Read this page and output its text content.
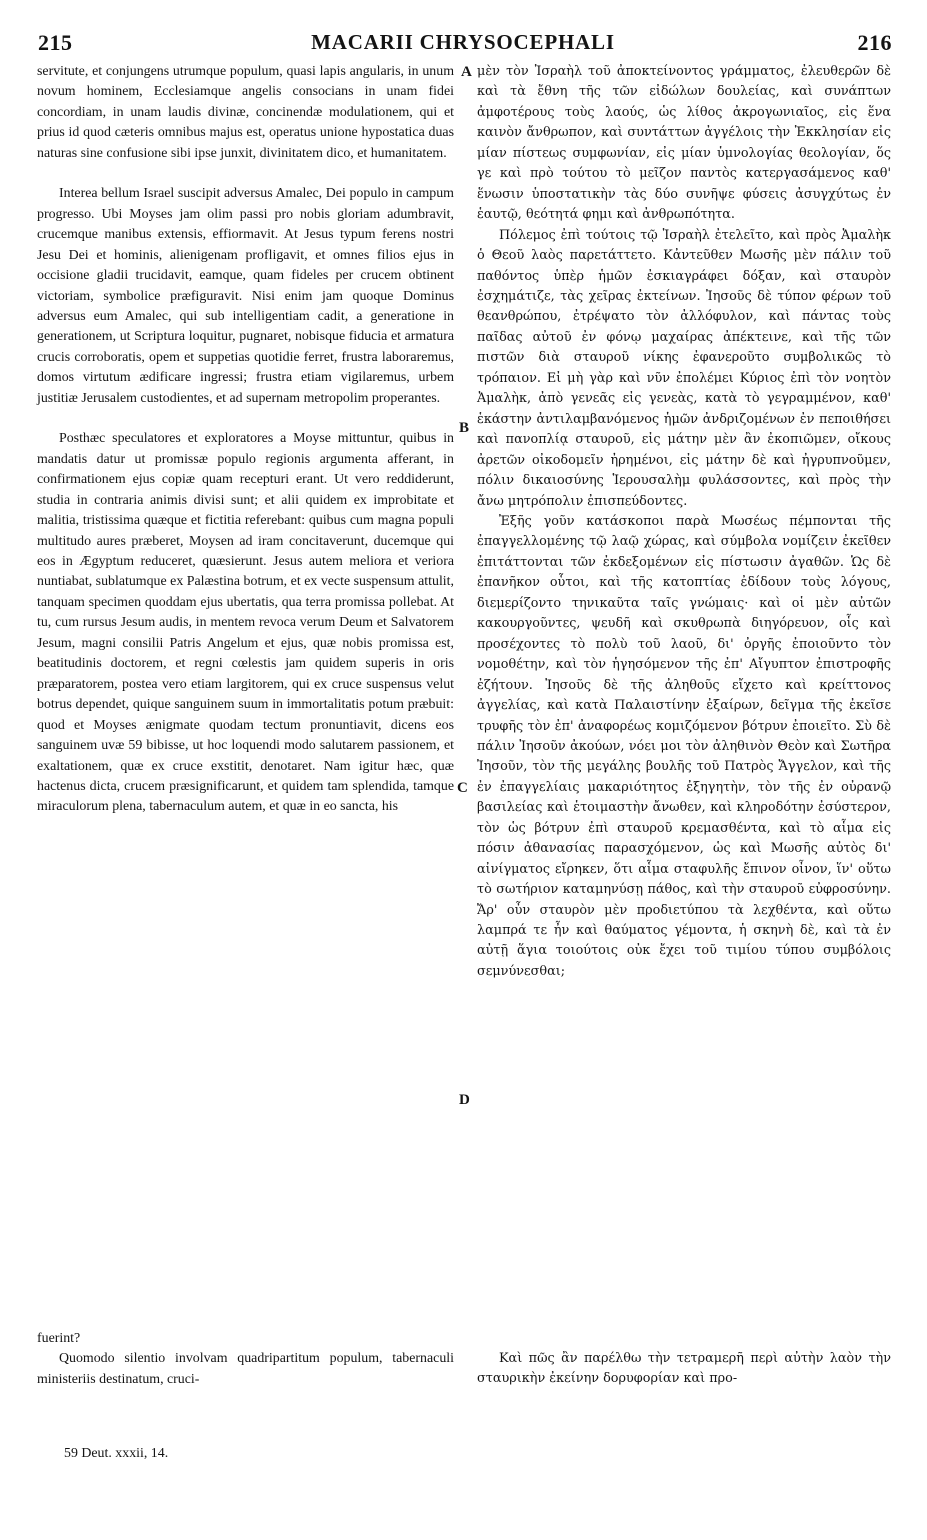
215	MACARII CHRYSOCEPHALI	216

servitute, et conjungens utrumque populum, quasi lapis angularis, in unum novum hominem, Ecclesiamque angelis consocians in unam fidei concordiam, in unam laudis divinæ, concinendæ modulationem, qui et prius id quod cæteris omnibus majus est, operatus unione hypostatica duas naturas sine confusione sibi ipse junxit, divinitatem dico, et humanitatem.

Interea bellum Israel suscipit adversus Amalec, Dei populo in campum progresso. Ubi Moyses jam olim passi pro nobis gloriam adumbravit, crucemque manibus extensis, effiormavit. At Jesus typum ferens nostri Jesu Dei et hominis, alienigenam profligavit, et omnes filios ejus in occisione gladii trucidavit, eamque, quam fideles per crucem obtinent victoriam, symbolice præfiguravit. Nisi enim jam quoque Dominus adversus eum Amalec, qui sub intelligentiam cadit, a generatione in generationem, ut Scriptura loquitur, pugnaret, nobisque fiducia et armatura crucis corroboratis, opem et suppetias quotidie ferret, frustra laboraremus, domos virtutum ædificare ingressi; frustra etiam vigilaremus, urbem justitiæ Jerusalem custodientes, et ad supernam metropolim properantes.

Posthæc speculatores et exploratores a Moyse mittuntur, quibus in mandatis datur ut promissæ populo regionis argumenta afferant, in confirmationem ejus copiæ quam recepturi erant. Ut vero reddiderunt, studia in contraria animis divisi sunt; et alii quidem ex improbitate et malitia, tristissima quæque et fictitia referebant: quibus cum magna populi multitudo aures præberet, Moysen ad iram concitaverunt, ducemque qui eos in Ægyptum reduceret, quæsierunt. Jesus autem meliora et veriora nuntiabat, sublatumque ex Palæstina botrum, et ex vecte suspensum attulit, tanquam specimen quoddam ejus ubertatis, qua terra promissa pollebat. At tu, cum rursus Jesum audis, in mentem revoca verum Deum et Salvatorem Jesum, magni consilii Patris Angelum et ejus, quæ nobis promissa est, beatitudinis doctorem, et regni cœlestis jam quidem superis in oris præparatorem, postea vero etiam largitorem, qui ex cruce suspensus velut botrus dependet, quique sanguinem suum in immortalitatis potum præbuit: quod et Moyses ænigmate quodam tectum pronuntiavit, dicens eos sanguinem uvæ 59 bibisse, ut hoc loquendi modo salutarem passionem, et exaltationem, quæ ex cruce exstitit, denotaret. Nam igitur hæc, quæ hactenus dicta, crucem præsignificarunt, et quidem tam splendida, tamque miraculorum plena, tabernaculum autem, et quæ in eo sancta, his

μὲν τὸν Ἰσραὴλ τοῦ ἀποκτείνοντος γράμματος, ἐλευθερῶν δὲ καὶ τὰ ἔθνη τῆς τῶν εἰδώλων δουλείας, καὶ συνάπτων ἀμφοτέρους τοὺς λαούς, ὡς λίθος ἀκρογωνιαῖος, εἰς ἕνα καινὸν ἄνθρωπον, καὶ συντάττων ἀγγέλοις τὴν Ἐκκλησίαν εἰς μίαν πίστεως συμφωνίαν, εἰς μίαν ὑμνολογίας θεολογίαν, ὅς γε καὶ πρὸ τούτου τὸ μεῖζον παντὸς κατεργασάμενος καθ' ἕνωσιν ὑποστατικὴν τὰς δύο συνῆψε φύσεις ἀσυγχύτως ἐν ἑαυτῷ, θεότητά φημι καὶ ἀνθρωπότητα.

Πόλεμος ἐπὶ τούτοις τῷ Ἰσραὴλ ἐτελεῖτο, καὶ πρὸς Ἀμαλὴκ ὁ Θεοῦ λαὸς παρετάττετο. Κἀντεῦθεν Μωσῆς μὲν πάλιν τοῦ παθόντος ὑπὲρ ἡμῶν ἐσκιαγράφει δόξαν, καὶ σταυρὸν ἐσχημάτιζε, τὰς χεῖρας ἐκτείνων. Ἰησοῦς δὲ τύπον φέρων τοῦ θεανθρώπου, ἐτρέψατο τὸν ἀλλόφυλον, καὶ πάντας τοὺς παῖδας αὐτοῦ ἐν φόνῳ μαχαίρας ἀπέκτεινε, καὶ τῆς τῶν πιστῶν διὰ σταυροῦ νίκης ἐφανεροῦτο συμβολικῶς τὸ τρόπαιον. Εἰ μὴ γὰρ καὶ νῦν ἐπολέμει Κύριος ἐπὶ τὸν νοητὸν Ἀμαλὴκ, ἀπὸ γενεᾶς εἰς γενεὰς, κατὰ τὸ γεγραμμένον, καθ' ἑκάστην ἀντιλαμβανόμενος ἡμῶν ἀνδριζομένων ἐν πεποιθήσει καὶ πανοπλίᾳ σταυροῦ, εἰς μάτην μὲν ἂν ἐκοπιῶμεν, οἴκους ἀρετῶν οἰκοδομεῖν ἠρημένοι, εἰς μάτην δὲ καὶ ἠγρυπνοῦμεν, πόλιν δικαιοσύνης Ἱερουσαλὴμ φυλάσσοντες, καὶ πρὸς τὴν ἄνω μητρόπολιν ἐπισπεύδοντες.

Ἐξῆς γοῦν κατάσκοποι παρὰ Μωσέως πέμπονται τῆς ἐπαγγελλομένης τῷ λαῷ χώρας, καὶ σύμβολα νομίζειν ἐκεῖθεν ἐπιτάττονται τῶν ἐκδεξομένων εἰς πίστωσιν ἀγαθῶν. Ὡς δὲ ἐπανῆκον οὗτοι, καὶ τῆς κατοπτίας ἐδίδουν τοὺς λόγους, διεμερίζοντο τηνικαῦτα ταῖς γνώμαις· καὶ οἱ μὲν αὐτῶν κακουργοῦντες, ψευδῆ καὶ σκυθρωπὰ διηγόρευον, οἷς καὶ προσέχοντες τὸ πολὺ τοῦ λαοῦ, δι' ὀργῆς ἐποιοῦντο τὸν νομοθέτην, καὶ τὸν ἡγησόμενον τῆς ἐπ' Αἴγυπτον ἐπιστροφῆς ἐζήτουν. Ἰησοῦς δὲ τῆς ἀληθοῦς εἴχετο καὶ κρείττονος ἀγγελίας, καὶ κατὰ Παλαιστίνην ἐξαίρων, δεῖγμα τῆς ἐκεῖσε τρυφῆς τὸν ἐπ' ἀναφορέως κομιζόμενον βότρυν ἐποιεῖτο. Σὺ δὲ πάλιν Ἰησοῦν ἀκούων, νόει μοι τὸν ἀληθινὸν Θεὸν καὶ Σωτῆρα Ἰησοῦν, τὸν τῆς μεγάλης βουλῆς τοῦ Πατρὸς Ἄγγελον, καὶ τῆς ἐν ἐπαγγελίαις μακαριότητος ἐξηγητὴν, τὸν τῆς ἐν οὐρανῷ βασιλείας καὶ ἑτοιμαστὴν ἄνωθεν, καὶ κληροδότην ἐσύστερον, τὸν ὡς βότρυν ἐπὶ σταυροῦ κρεμασθέντα, καὶ τὸ αἷμα εἰς πόσιν ἀθανασίας παρασχόμενον, ὡς καὶ Μωσῆς αὐτὸς δι' αἰνίγματος εἴρηκεν, ὅτι αἷμα σταφυλῆς ἔπινον οἶνον, ἵν' οὕτω τὸ σωτήριον καταμηνύσῃ πάθος, καὶ τὴν σταυροῦ εὐφροσύνην. Ἄρ' οὖν σταυρὸν μὲν προδιετύπου τὰ λεχθέντα, καὶ οὕτω λαμπρά τε ἦν καὶ θαύματος γέμοντα, ἡ σκηνὴ δὲ, καὶ τὰ ἐν αὐτῇ ἅγια τοιούτοις οὐκ ἔχει τοῦ τιμίου τύπου συμβόλοις σεμνύνεσθαι;

A
B
C
D

fuerint?

Quomodo silentio involvam quadripartitum populum, tabernaculi ministeriis destinatum, cruci-

Καὶ πῶς ἂν παρέλθω τὴν τετραμερῆ περὶ αὐτὴν λαὸν τὴν σταυρικὴν ἐκείνην δορυφορίαν καὶ προ-

59 Deut. xxxii, 14.
